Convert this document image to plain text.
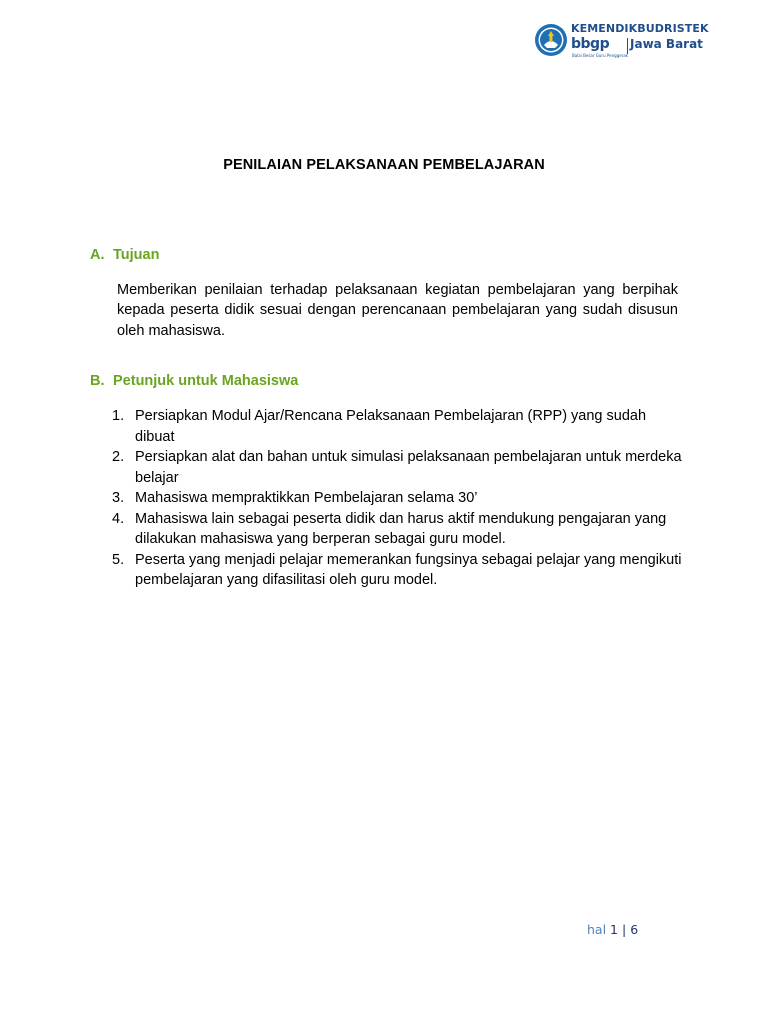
KEMENDIKBUDRISTEK
bbgp Jawa Barat
Balai Besar Guru Penggerak
PENILAIAN PELAKSANAAN PEMBELAJARAN
A. Tujuan

Memberikan penilaian terhadap pelaksanaan kegiatan pembelajaran yang berpihak kepada peserta didik sesuai dengan perencanaan pembelajaran yang sudah disusun oleh mahasiswa.

B. Petunjuk untuk Mahasiswa
1. Persiapkan Modul Ajar/Rencana Pelaksanaan Pembelajaran (RPP) yang sudah dibuat
2. Persiapkan alat dan bahan untuk simulasi pelaksanaan pembelajaran untuk merdeka belajar
3. Mahasiswa mempraktikkan Pembelajaran selama 30’
4. Mahasiswa lain sebagai peserta didik dan harus aktif mendukung pengajaran yang dilakukan mahasiswa yang berperan sebagai guru model.
5. Peserta yang menjadi pelajar memerankan fungsinya sebagai pelajar yang mengikuti pembelajaran yang difasilitasi oleh guru model.
hal 1 | 6
